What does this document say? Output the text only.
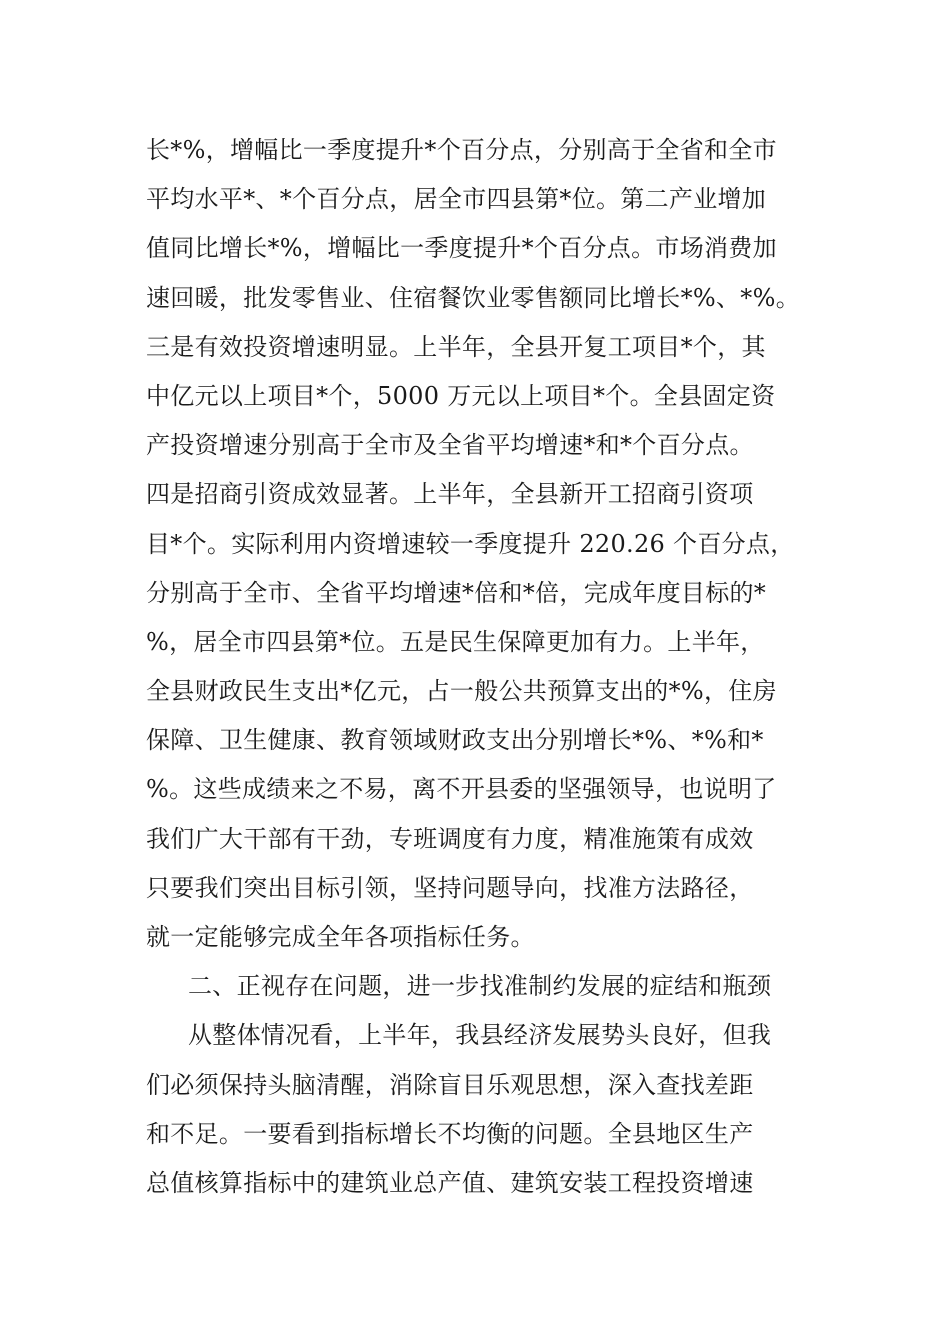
长*%，增幅比一季度提升*个百分点，分别高于全省和全市
平均水平*、*个百分点，居全市四县第*位。第二产业增加
值同比增长*%，增幅比一季度提升*个百分点。市场消费加
速回暖，批发零售业、住宿餐饮业零售额同比增长*%、*%。
三是有效投资增速明显。上半年，全县开复工项目*个，其
中亿元以上项目*个，5000 万元以上项目*个。全县固定资
产投资增速分别高于全市及全省平均增速*和*个百分点。
四是招商引资成效显著。上半年，全县新开工招商引资项
目*个。实际利用内资增速较一季度提升 220.26 个百分点，
分别高于全市、全省平均增速*倍和*倍，完成年度目标的*
%，居全市四县第*位。五是民生保障更加有力。上半年，
全县财政民生支出*亿元，占一般公共预算支出的*%，住房
保障、卫生健康、教育领域财政支出分别增长*%、*%和*
%。这些成绩来之不易，离不开县委的坚强领导，也说明了
我们广大干部有干劲，专班调度有力度，精准施策有成效
只要我们突出目标引领，坚持问题导向，找准方法路径，
就一定能够完成全年各项指标任务。
二、正视存在问题，进一步找准制约发展的症结和瓶颈
从整体情况看，上半年，我县经济发展势头良好，但我
们必须保持头脑清醒，消除盲目乐观思想，深入查找差距
和不足。一要看到指标增长不均衡的问题。全县地区生产
总值核算指标中的建筑业总产值、建筑安装工程投资增速
